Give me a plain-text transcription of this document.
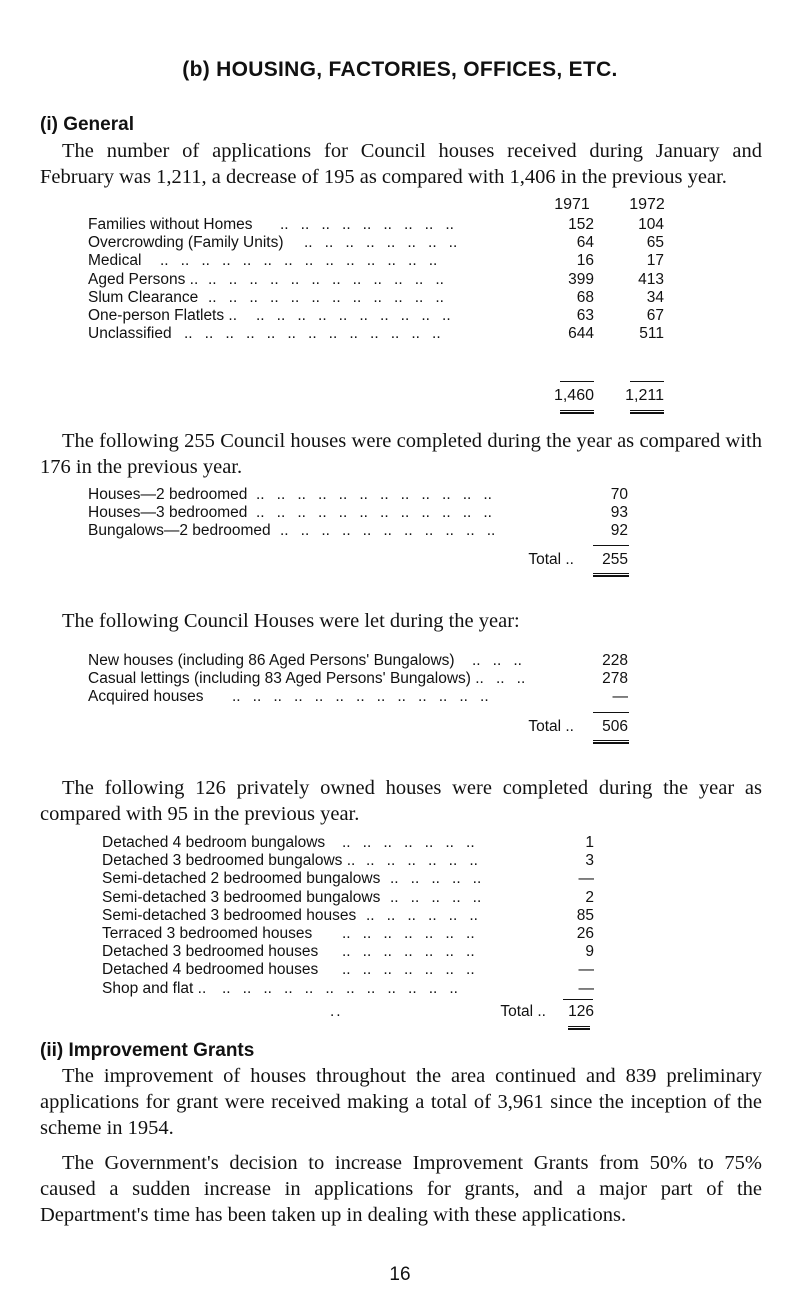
(b) HOUSING, FACTORIES, OFFICES, ETC.
(i) General
The number of applications for Council houses received during January and February was 1,211, a decrease of 195 as compared with 1,406 in the previous year.
1971	1972
Families without Homes ..  ..  ..  ..  ..  ..  ..  ..  ..	152	104
Overcrowding (Family Units) ..  ..  ..  ..  ..  ..  ..  ..	64	65
Medical ..  ..  ..  ..  ..  ..  ..  ..  ..  ..  ..  ..  ..  ..	16	17
Aged Persons .. ..  ..  ..  ..  ..  ..  ..  ..  ..  ..  ..  ..	399	413
Slum Clearance ..  ..  ..  ..  ..  ..  ..  ..  ..  ..  ..  ..	68	34
One-person Flatlets .. ..  ..  ..  ..  ..  ..  ..  ..  ..  ..	63	67
Unclassified ..  ..  ..  ..  ..  ..  ..  ..  ..  ..  ..  ..  ..	644	511
1,460	1,211
The following 255 Council houses were completed during the year as compared with 176 in the previous year.
Houses—2 bedroomed ..  ..  ..  ..  ..  ..  ..  ..  ..  ..  ..  ..	70
Houses—3 bedroomed ..  ..  ..  ..  ..  ..  ..  ..  ..  ..  ..  ..	93
Bungalows—2 bedroomed ..  ..  ..  ..  ..  ..  ..  ..  ..  ..  ..	92
Total ..	255
The following Council Houses were let during the year:
New houses (including 86 Aged Persons' Bungalows) ..  ..  ..	228
Casual lettings (including 83 Aged Persons' Bungalows) .. ..  ..	278
Acquired houses ..  ..  ..  ..  ..  ..  ..  ..  ..  ..  ..  ..  ..	—
Total ..	506
The following 126 privately owned houses were completed during the year as compared with 95 in the previous year.
Detached 4 bedroom bungalows ..  ..  ..  ..  ..  ..  ..	1
Detached 3 bedroomed bungalows .. ..  ..  ..  ..  ..  ..	3
Semi-detached 2 bedroomed bungalows ..  ..  ..  ..  ..	—
Semi-detached 3 bedroomed bungalows ..  ..  ..  ..  ..	2
Semi-detached 3 bedroomed houses ..  ..  ..  ..  ..  ..	85
Terraced 3 bedroomed houses ..  ..  ..  ..  ..  ..  ..	26
Detached 3 bedroomed houses ..  ..  ..  ..  ..  ..  ..	9
Detached 4 bedroomed houses ..  ..  ..  ..  ..  ..  ..	—
Shop and flat .. ..  ..  ..  ..  ..  ..  ..  ..  ..  ..  ..  ..	—
..	Total ..	126
(ii) Improvement Grants
The improvement of houses throughout the area continued and 839 preliminary applications for grant were received making a total of 3,961 since the inception of the scheme in 1954.
The Government's decision to increase Improvement Grants from 50% to 75% caused a sudden increase in applications for grants, and a major part of the Department's time has been taken up in dealing with these applications.
16
